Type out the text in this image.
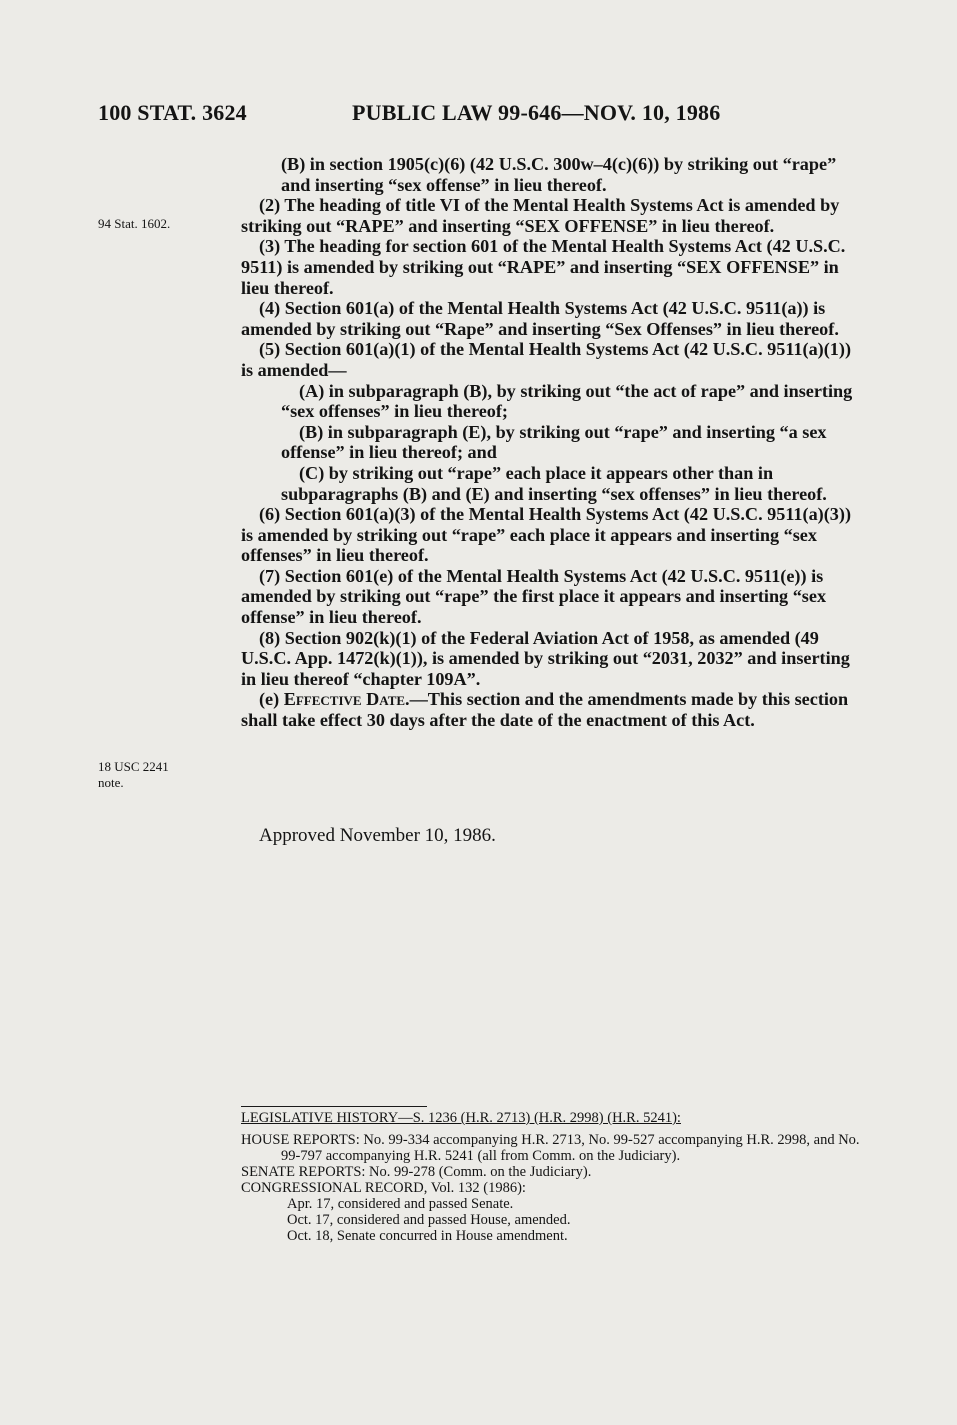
100 STAT. 3624	PUBLIC LAW 99-646—NOV. 10, 1986
94 Stat. 1602.
18 USC 2241
note.

(B) in section 1905(c)(6) (42 U.S.C. 300w–4(c)(6)) by striking out “rape” and inserting “sex offense” in lieu thereof.

(2) The heading of title VI of the Mental Health Systems Act is amended by striking out “RAPE” and inserting “SEX OFFENSE” in lieu thereof.

(3) The heading for section 601 of the Mental Health Systems Act (42 U.S.C. 9511) is amended by striking out “RAPE” and inserting “SEX OFFENSE” in lieu thereof.

(4) Section 601(a) of the Mental Health Systems Act (42 U.S.C. 9511(a)) is amended by striking out “Rape” and inserting “Sex Offenses” in lieu thereof.

(5) Section 601(a)(1) of the Mental Health Systems Act (42 U.S.C. 9511(a)(1)) is amended—

(A) in subparagraph (B), by striking out “the act of rape” and inserting “sex offenses” in lieu thereof;

(B) in subparagraph (E), by striking out “rape” and inserting “a sex offense” in lieu thereof; and

(C) by striking out “rape” each place it appears other than in subparagraphs (B) and (E) and inserting “sex offenses” in lieu thereof.

(6) Section 601(a)(3) of the Mental Health Systems Act (42 U.S.C. 9511(a)(3)) is amended by striking out “rape” each place it appears and inserting “sex offenses” in lieu thereof.

(7) Section 601(e) of the Mental Health Systems Act (42 U.S.C. 9511(e)) is amended by striking out “rape” the first place it appears and inserting “sex offense” in lieu thereof.

(8) Section 902(k)(1) of the Federal Aviation Act of 1958, as amended (49 U.S.C. App. 1472(k)(1)), is amended by striking out “2031, 2032” and inserting in lieu thereof “chapter 109A”.

(e) Effective Date.—This section and the amendments made by this section shall take effect 30 days after the date of the enactment of this Act.

Approved November 10, 1986.

LEGISLATIVE HISTORY—S. 1236 (H.R. 2713) (H.R. 2998) (H.R. 5241):

HOUSE REPORTS: No. 99-334 accompanying H.R. 2713, No. 99-527 accompanying H.R. 2998, and No. 99-797 accompanying H.R. 5241 (all from Comm. on the Judiciary).

SENATE REPORTS: No. 99-278 (Comm. on the Judiciary).

CONGRESSIONAL RECORD, Vol. 132 (1986):

Apr. 17, considered and passed Senate.

Oct. 17, considered and passed House, amended.

Oct. 18, Senate concurred in House amendment.
